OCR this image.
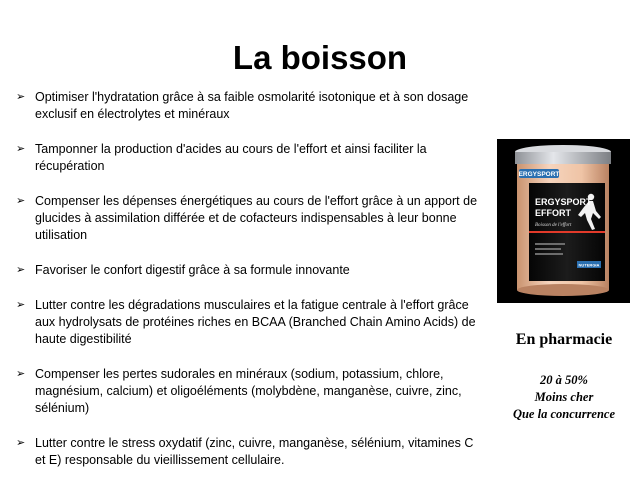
La boisson
➢ Optimiser l'hydratation grâce à sa faible osmolarité isotonique et à son dosage exclusif en électrolytes et minéraux
➢ Tamponner la production d'acides au cours de l'effort et ainsi faciliter la récupération
➢ Compenser les dépenses énergétiques au cours de l'effort grâce à un apport de glucides à assimilation différée et de cofacteurs indispensables à leur bonne utilisation
➢ Favoriser le confort digestif grâce à sa formule innovante
➢ Lutter contre les dégradations musculaires et la fatigue centrale à l'effort grâce aux hydrolysats de protéines riches en BCAA (Branched Chain Amino Acids) de haute digestibilité
➢ Compenser les pertes sudorales en minéraux (sodium, potassium, chlore, magnésium, calcium) et oligoéléments (molybdène, manganèse, cuivre, zinc, sélénium)
➢ Lutter contre le stress oxydatif (zinc, cuivre, manganèse, sélénium, vitamines C et E) responsable du vieillissement cellulaire.
ERGYSPORT
ERGYSPORT
EFFORT
Boisson de l'effort
NUTERGIA
En pharmacie
20 à 50%
Moins cher
Que la concurrence
